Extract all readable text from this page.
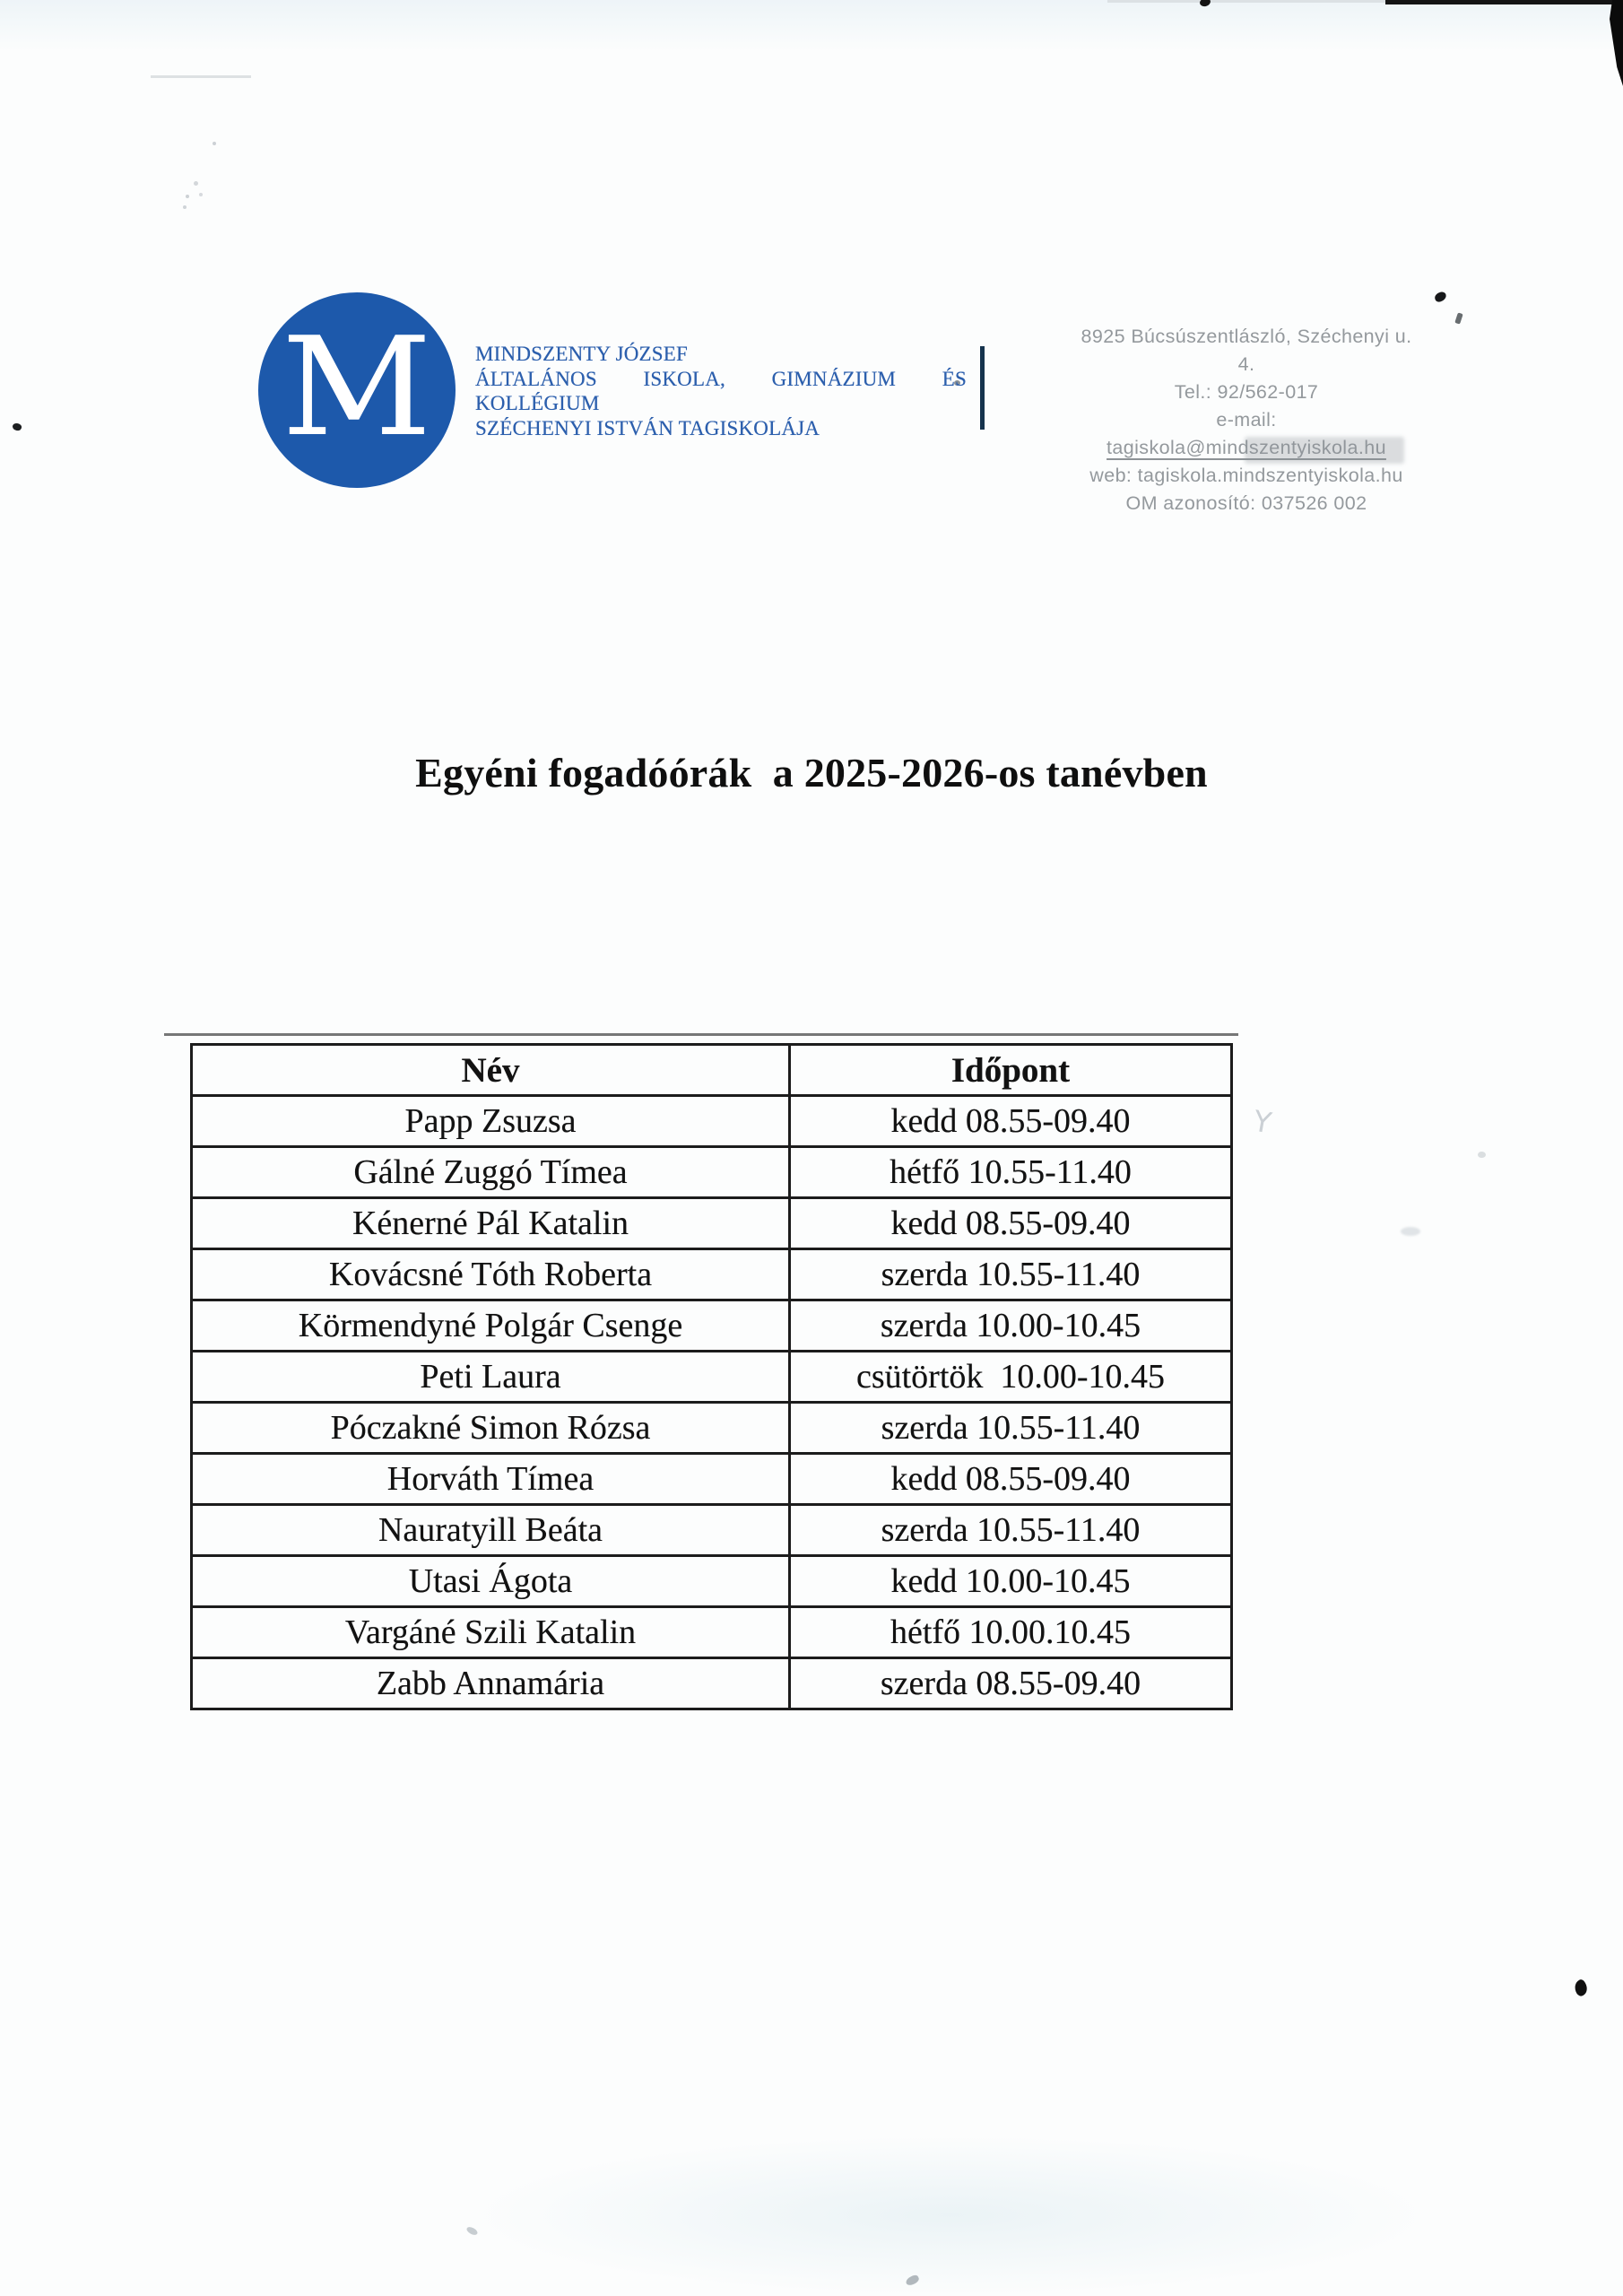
Y
M MINDSZENTY JÓZSEF
ÁLTALÁNOS ISKOLA, GIMNÁZIUM ÉS
KOLLÉGIUM
SZÉCHENYI ISTVÁN TAGISKOLÁJA
8925 Búcsúszentlászló, Széchenyi u.
4.
Tel.: 92/562-017
e-mail:
tagiskola@mindszentyiskola.hu
web: tagiskola.mindszentyiskola.hu
OM azonosító: 037526 002
Egyéni fogadóórák  a 2025-2026-os tanévben
Név	Időpont
Papp Zsuzsa	kedd 08.55-09.40
Gálné Zuggó Tímea	hétfő 10.55-11.40
Kénerné Pál Katalin	kedd 08.55-09.40
Kovácsné Tóth Roberta	szerda 10.55-11.40
Körmendyné Polgár Csenge	szerda 10.00-10.45
Peti Laura	csütörtök  10.00-10.45
Póczakné Simon Rózsa	szerda 10.55-11.40
Horváth Tímea	kedd 08.55-09.40
Nauratyill Beáta	szerda 10.55-11.40
Utasi Ágota	kedd 10.00-10.45
Vargáné Szili Katalin	hétfő 10.00.10.45
Zabb Annamária	szerda 08.55-09.40
